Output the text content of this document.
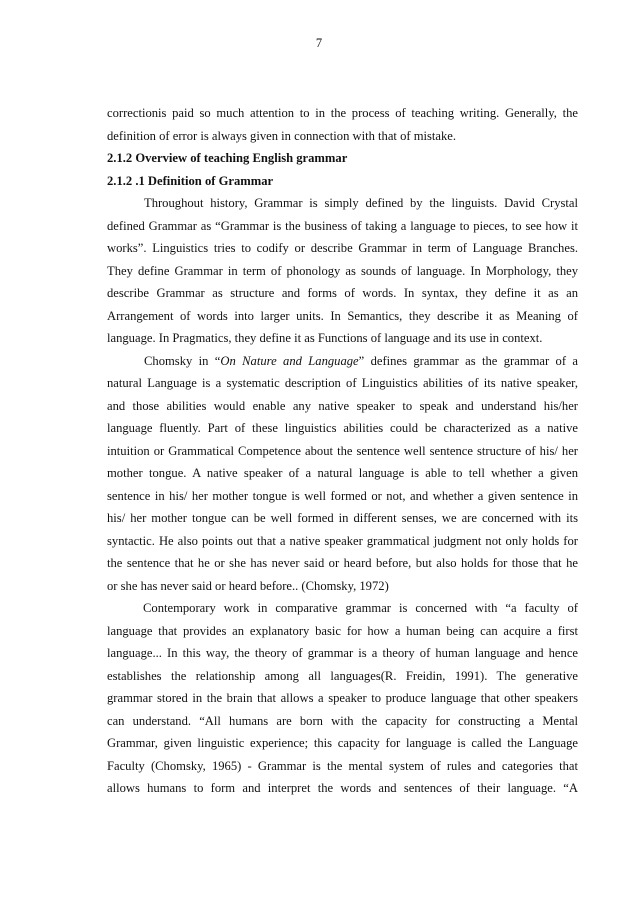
7
correctionis paid so much attention to in the process of teaching writing. Generally, the
definition of error is always given in connection with that of mistake.
2.1.2 Overview of teaching English grammar
2.1.2 .1 Definition of Grammar
Throughout history, Grammar is simply defined by the linguists. David Crystal
defined Grammar as “Grammar is the business of taking a language to pieces, to see how it
works”. Linguistics tries to codify or describe Grammar in term of Language Branches.
They define Grammar in term of phonology as sounds of language. In Morphology, they
describe Grammar as structure and forms of words. In syntax, they define it as an
Arrangement of words into larger units. In Semantics, they describe it as Meaning of
language. In Pragmatics, they define it as Functions of language and its use in context.
Chomsky in “On Nature and Language” defines grammar as the grammar of a
natural Language is a systematic description of Linguistics abilities of its native speaker,
and those abilities would enable any native speaker to speak and understand his/her
language fluently. Part of these linguistics abilities could be characterized as a native
intuition or Grammatical Competence about the sentence well sentence structure of his/ her
mother tongue. A native speaker of a natural language is able to tell whether a given
sentence in his/ her mother tongue is well formed or not, and whether a given sentence in
his/ her mother tongue can be well formed in different senses, we are concerned with its
syntactic. He also points out that a native speaker grammatical judgment not only holds for
the sentence that he or she has never said or heard before, but also holds for those that he
or she has never said or heard before.. (Chomsky, 1972)
Contemporary work in comparative grammar is concerned with “a faculty of
language that provides an explanatory basic for how a human being can acquire a first
language... In this way, the theory of grammar is a theory of human language and hence
establishes the relationship among all languages(R. Freidin, 1991). The generative
grammar stored in the brain that allows a speaker to produce language that other speakers
can understand. “All humans are born with the capacity for constructing a Mental
Grammar, given linguistic experience; this capacity for language is called the Language
Faculty (Chomsky, 1965) - Grammar is the mental system of rules and categories that
allows humans to form and interpret the words and sentences of their language. “A
